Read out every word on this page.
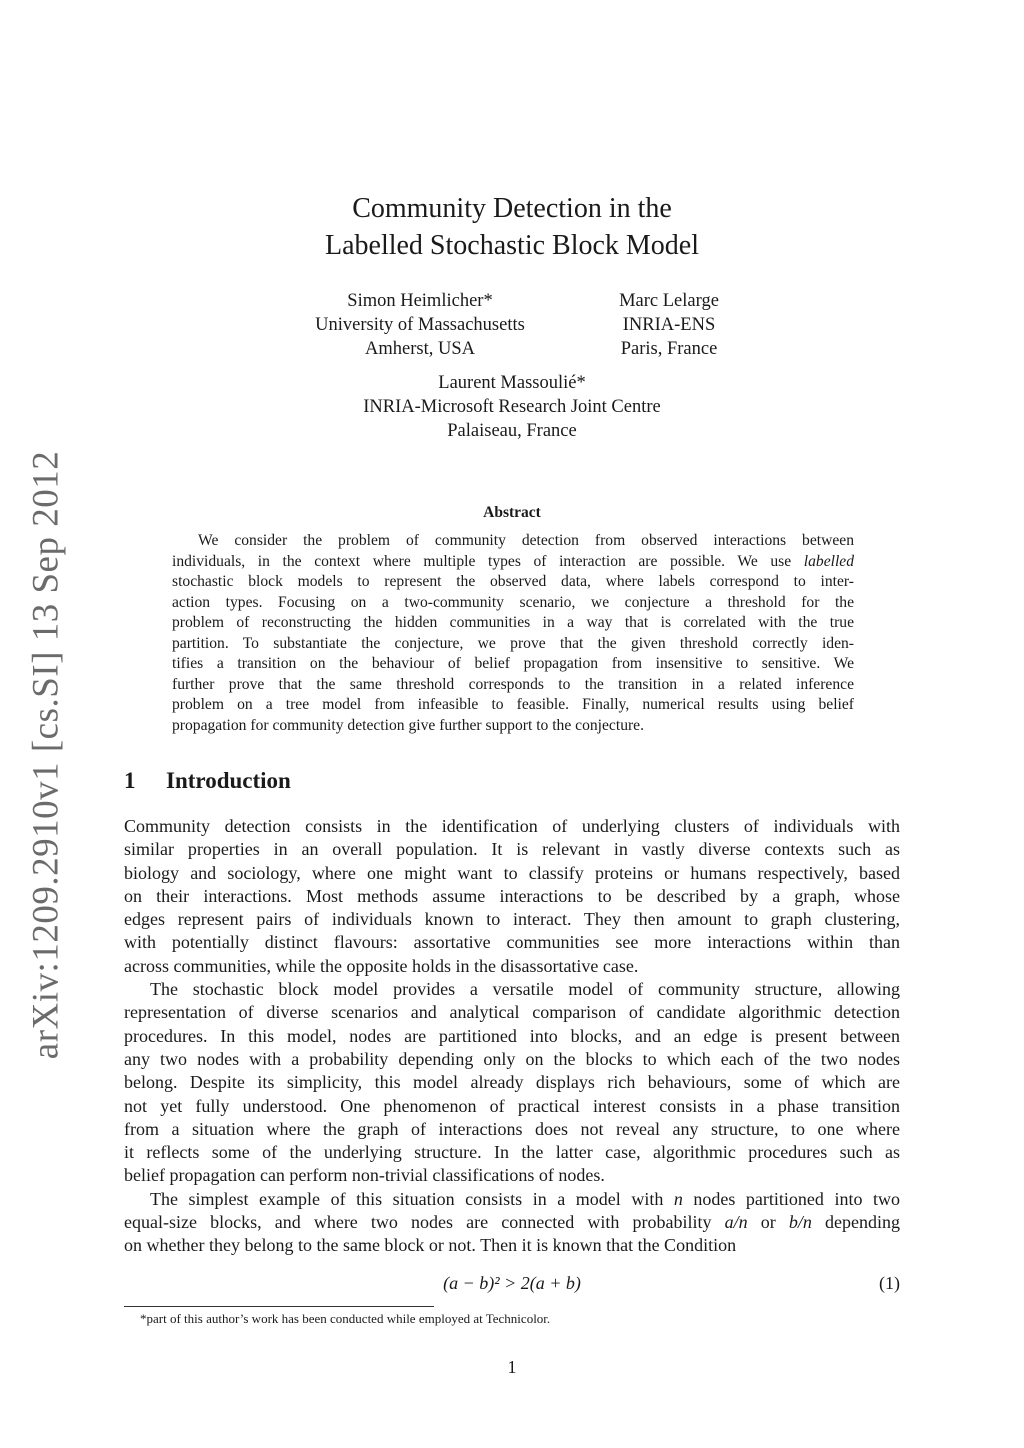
arXiv:1209.2910v1 [cs.SI] 13 Sep 2012
Community Detection in the
Labelled Stochastic Block Model
Simon Heimlicher*
University of Massachusetts
Amherst, USA
Marc Lelarge
INRIA-ENS
Paris, France
Laurent Massoulié*
INRIA-Microsoft Research Joint Centre
Palaiseau, France
Abstract
We consider the problem of community detection from observed interactions between
individuals, in the context where multiple types of interaction are possible. We use labelled
stochastic block models to represent the observed data, where labels correspond to inter-
action types. Focusing on a two-community scenario, we conjecture a threshold for the
problem of reconstructing the hidden communities in a way that is correlated with the true
partition. To substantiate the conjecture, we prove that the given threshold correctly iden-
tifies a transition on the behaviour of belief propagation from insensitive to sensitive. We
further prove that the same threshold corresponds to the transition in a related inference
problem on a tree model from infeasible to feasible. Finally, numerical results using belief
propagation for community detection give further support to the conjecture.
1 Introduction
Community detection consists in the identification of underlying clusters of individuals with
similar properties in an overall population. It is relevant in vastly diverse contexts such as
biology and sociology, where one might want to classify proteins or humans respectively, based
on their interactions. Most methods assume interactions to be described by a graph, whose
edges represent pairs of individuals known to interact. They then amount to graph clustering,
with potentially distinct flavours: assortative communities see more interactions within than
across communities, while the opposite holds in the disassortative case.
The stochastic block model provides a versatile model of community structure, allowing
representation of diverse scenarios and analytical comparison of candidate algorithmic detection
procedures. In this model, nodes are partitioned into blocks, and an edge is present between
any two nodes with a probability depending only on the blocks to which each of the two nodes
belong. Despite its simplicity, this model already displays rich behaviours, some of which are
not yet fully understood. One phenomenon of practical interest consists in a phase transition
from a situation where the graph of interactions does not reveal any structure, to one where
it reflects some of the underlying structure. In the latter case, algorithmic procedures such as
belief propagation can perform non-trivial classifications of nodes.
The simplest example of this situation consists in a model with n nodes partitioned into two
equal-size blocks, and where two nodes are connected with probability a/n or b/n depending
on whether they belong to the same block or not. Then it is known that the Condition
(a − b)² > 2(a + b)	(1)
*part of this author’s work has been conducted while employed at Technicolor.
1
